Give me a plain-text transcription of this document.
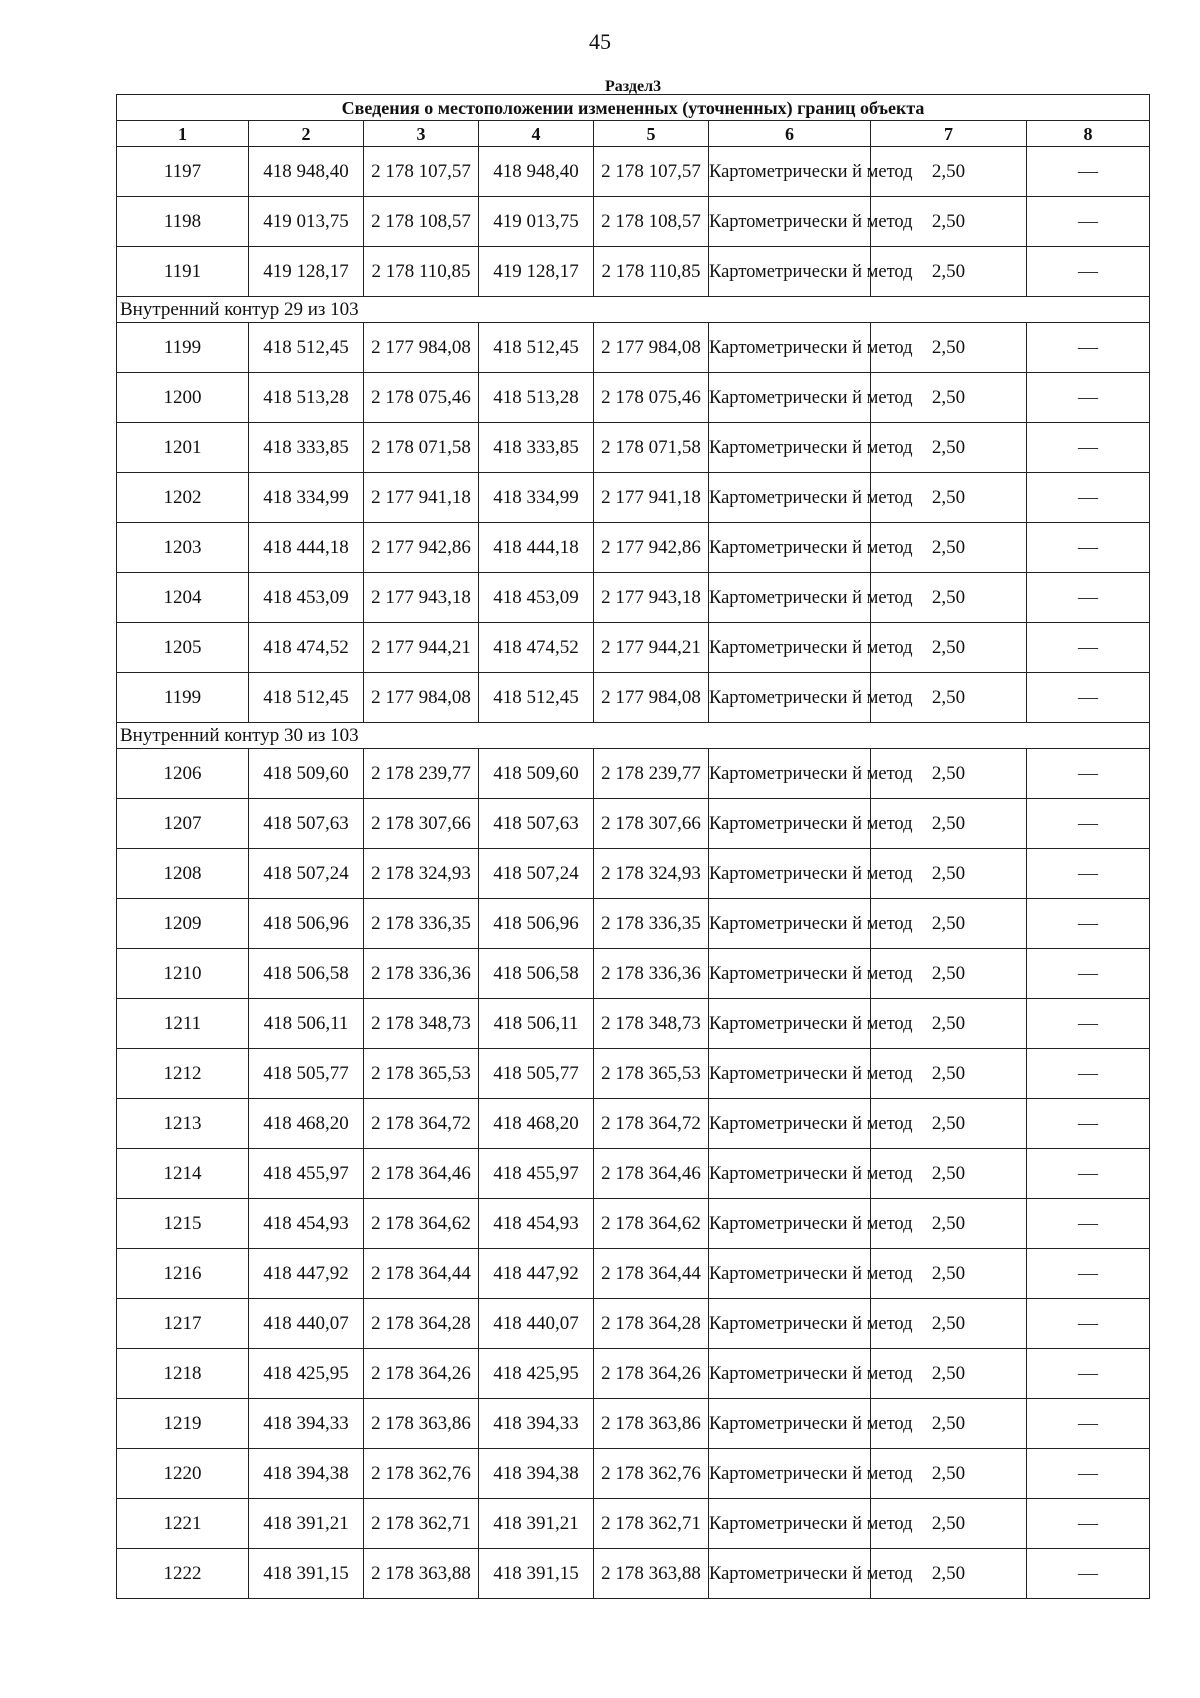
45
Раздел3							
Сведения о местоположении измененных (уточненных) границ объекта							
1	2	3	4	5	6	7	8
1197	418 948,40	2 178 107,57	418 948,40	2 178 107,57	Картометрически й метод	2,50	—
1198	419 013,75	2 178 108,57	419 013,75	2 178 108,57	Картометрически й метод	2,50	—
1191	419 128,17	2 178 110,85	419 128,17	2 178 110,85	Картометрически й метод	2,50	—
Внутренний контур 29 из 103							
1199	418 512,45	2 177 984,08	418 512,45	2 177 984,08	Картометрически й метод	2,50	—
1200	418 513,28	2 178 075,46	418 513,28	2 178 075,46	Картометрически й метод	2,50	—
1201	418 333,85	2 178 071,58	418 333,85	2 178 071,58	Картометрически й метод	2,50	—
1202	418 334,99	2 177 941,18	418 334,99	2 177 941,18	Картометрически й метод	2,50	—
1203	418 444,18	2 177 942,86	418 444,18	2 177 942,86	Картометрически й метод	2,50	—
1204	418 453,09	2 177 943,18	418 453,09	2 177 943,18	Картометрически й метод	2,50	—
1205	418 474,52	2 177 944,21	418 474,52	2 177 944,21	Картометрически й метод	2,50	—
1199	418 512,45	2 177 984,08	418 512,45	2 177 984,08	Картометрически й метод	2,50	—
Внутренний контур 30 из 103							
1206	418 509,60	2 178 239,77	418 509,60	2 178 239,77	Картометрически й метод	2,50	—
1207	418 507,63	2 178 307,66	418 507,63	2 178 307,66	Картометрически й метод	2,50	—
1208	418 507,24	2 178 324,93	418 507,24	2 178 324,93	Картометрически й метод	2,50	—
1209	418 506,96	2 178 336,35	418 506,96	2 178 336,35	Картометрически й метод	2,50	—
1210	418 506,58	2 178 336,36	418 506,58	2 178 336,36	Картометрически й метод	2,50	—
1211	418 506,11	2 178 348,73	418 506,11	2 178 348,73	Картометрически й метод	2,50	—
1212	418 505,77	2 178 365,53	418 505,77	2 178 365,53	Картометрически й метод	2,50	—
1213	418 468,20	2 178 364,72	418 468,20	2 178 364,72	Картометрически й метод	2,50	—
1214	418 455,97	2 178 364,46	418 455,97	2 178 364,46	Картометрически й метод	2,50	—
1215	418 454,93	2 178 364,62	418 454,93	2 178 364,62	Картометрически й метод	2,50	—
1216	418 447,92	2 178 364,44	418 447,92	2 178 364,44	Картометрически й метод	2,50	—
1217	418 440,07	2 178 364,28	418 440,07	2 178 364,28	Картометрически й метод	2,50	—
1218	418 425,95	2 178 364,26	418 425,95	2 178 364,26	Картометрически й метод	2,50	—
1219	418 394,33	2 178 363,86	418 394,33	2 178 363,86	Картометрически й метод	2,50	—
1220	418 394,38	2 178 362,76	418 394,38	2 178 362,76	Картометрически й метод	2,50	—
1221	418 391,21	2 178 362,71	418 391,21	2 178 362,71	Картометрически й метод	2,50	—
1222	418 391,15	2 178 363,88	418 391,15	2 178 363,88	Картометрически й метод	2,50	—
